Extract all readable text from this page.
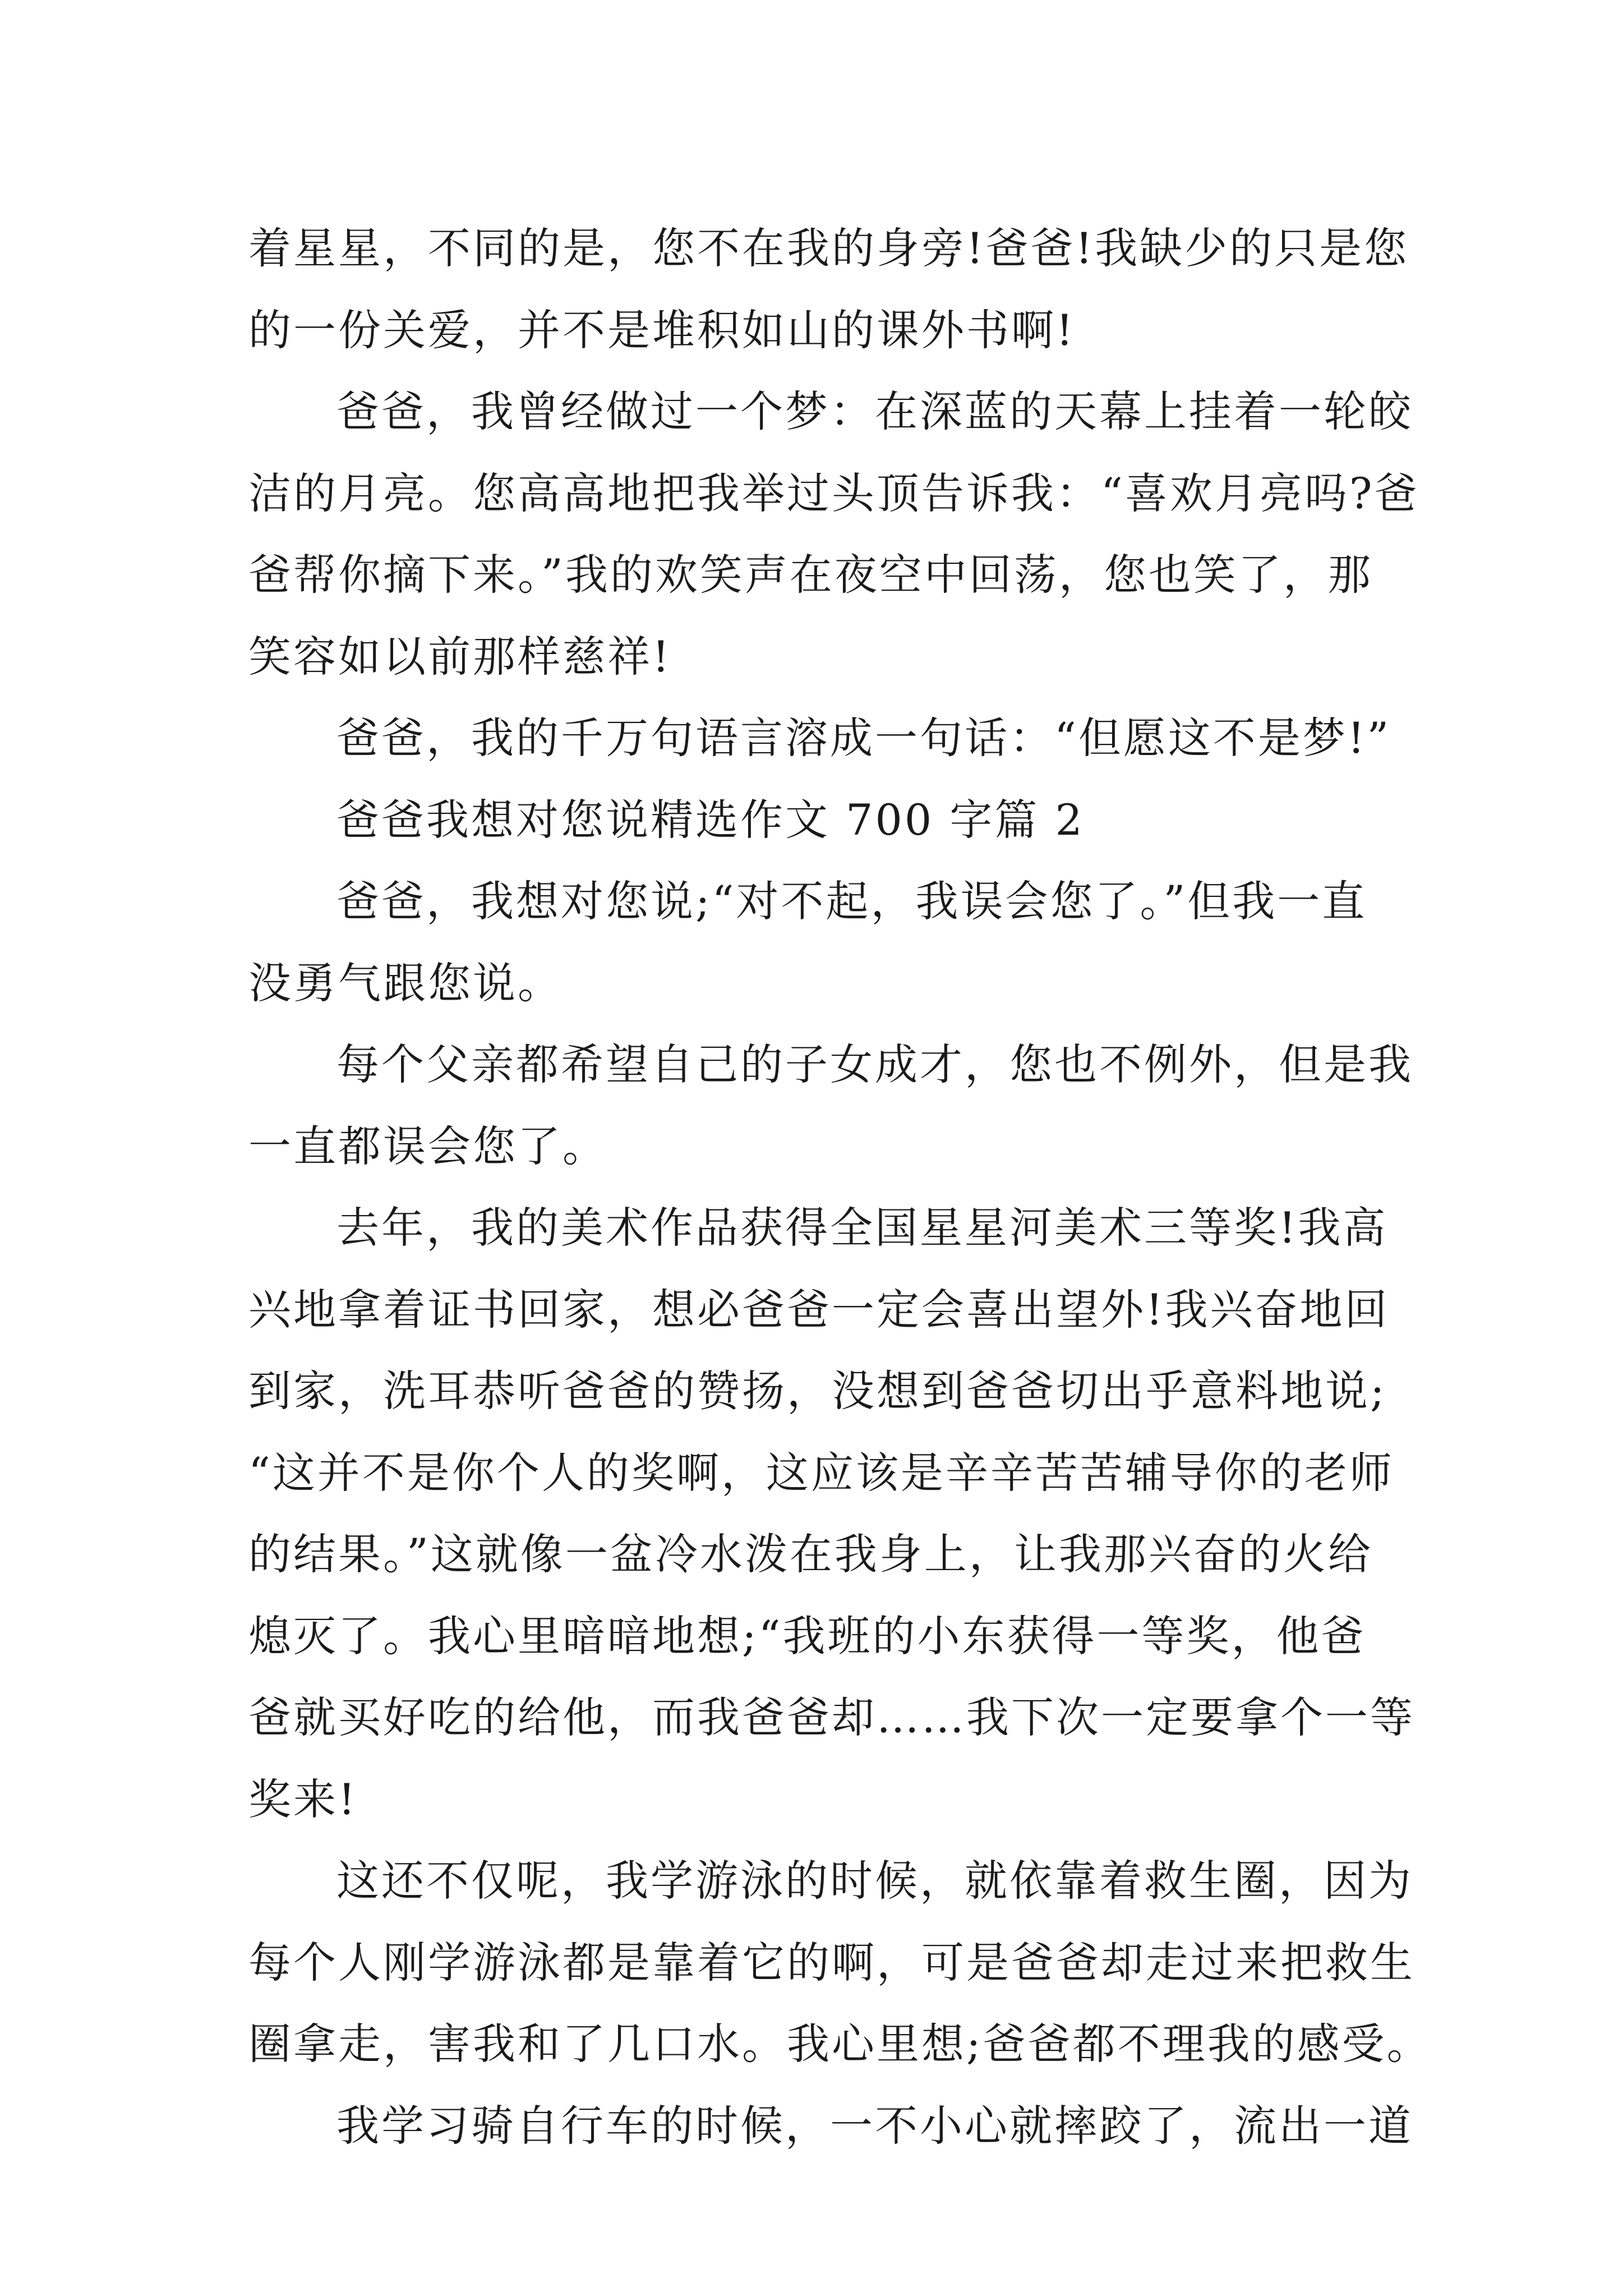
着星星，不同的是，您不在我的身旁!爸爸!我缺少的只是您
的一份关爱，并不是堆积如山的课外书啊!
爸爸，我曾经做过一个梦：在深蓝的天幕上挂着一轮皎
洁的月亮。您高高地把我举过头顶告诉我：“喜欢月亮吗?爸
爸帮你摘下来。”我的欢笑声在夜空中回荡，您也笑了，那
笑容如以前那样慈祥!
爸爸，我的千万句语言溶成一句话：“但愿这不是梦!”
爸爸我想对您说精选作文 700 字篇 2
爸爸，我想对您说;“对不起，我误会您了。”但我一直
没勇气跟您说。
每个父亲都希望自己的子女成才，您也不例外，但是我
一直都误会您了。
去年，我的美术作品获得全国星星河美术三等奖!我高
兴地拿着证书回家，想必爸爸一定会喜出望外!我兴奋地回
到家，洗耳恭听爸爸的赞扬，没想到爸爸切出乎意料地说;
“这并不是你个人的奖啊，这应该是辛辛苦苦辅导你的老师
的结果。”这就像一盆冷水泼在我身上，让我那兴奋的火给
熄灭了。我心里暗暗地想;“我班的小东获得一等奖，他爸
爸就买好吃的给他，而我爸爸却……我下次一定要拿个一等
奖来!
这还不仅呢，我学游泳的时候，就依靠着救生圈，因为
每个人刚学游泳都是靠着它的啊，可是爸爸却走过来把救生
圈拿走，害我和了几口水。我心里想;爸爸都不理我的感受。
我学习骑自行车的时候，一不小心就摔跤了，流出一道
